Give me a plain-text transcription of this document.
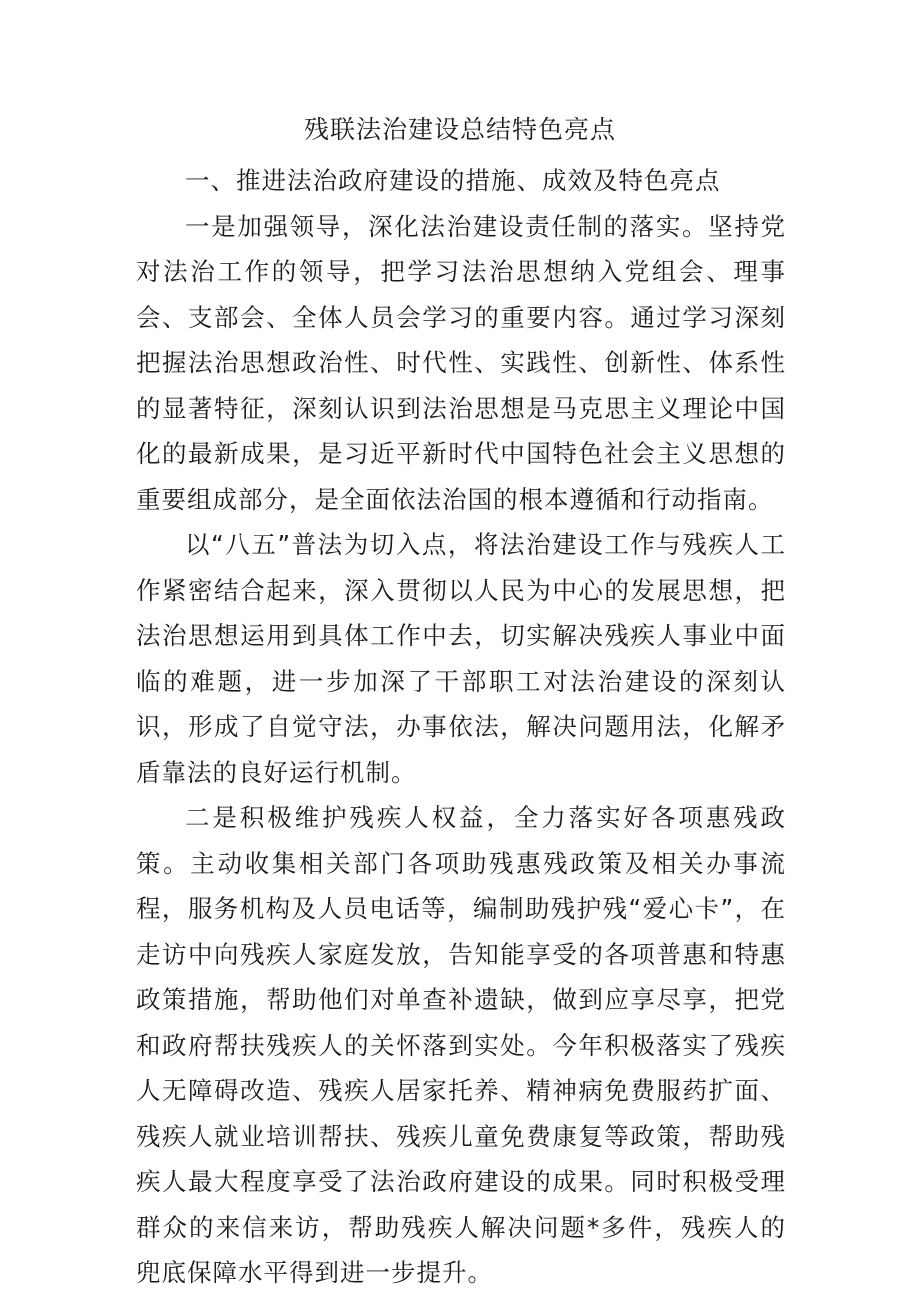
残联法治建设总结特色亮点

一、推进法治政府建设的措施、成效及特色亮点

一是加强领导，深化法治建设责任制的落实。坚持党对法治工作的领导，把学习法治思想纳入党组会、理事会、支部会、全体人员会学习的重要内容。通过学习深刻把握法治思想政治性、时代性、实践性、创新性、体系性的显著特征，深刻认识到法治思想是马克思主义理论中国化的最新成果，是习近平新时代中国特色社会主义思想的重要组成部分，是全面依法治国的根本遵循和行动指南。

以“八五”普法为切入点，将法治建设工作与残疾人工作紧密结合起来，深入贯彻以人民为中心的发展思想，把法治思想运用到具体工作中去，切实解决残疾人事业中面临的难题，进一步加深了干部职工对法治建设的深刻认识，形成了自觉守法，办事依法，解决问题用法，化解矛盾靠法的良好运行机制。

二是积极维护残疾人权益，全力落实好各项惠残政策。主动收集相关部门各项助残惠残政策及相关办事流程，服务机构及人员电话等，编制助残护残“爱心卡”，在走访中向残疾人家庭发放，告知能享受的各项普惠和特惠政策措施，帮助他们对单查补遗缺，做到应享尽享，把党和政府帮扶残疾人的关怀落到实处。今年积极落实了残疾人无障碍改造、残疾人居家托养、精神病免费服药扩面、残疾人就业培训帮扶、残疾儿童免费康复等政策，帮助残疾人最大程度享受了法治政府建设的成果。同时积极受理群众的来信来访，帮助残疾人解决问题*多件，残疾人的兜底保障水平得到进一步提升。
